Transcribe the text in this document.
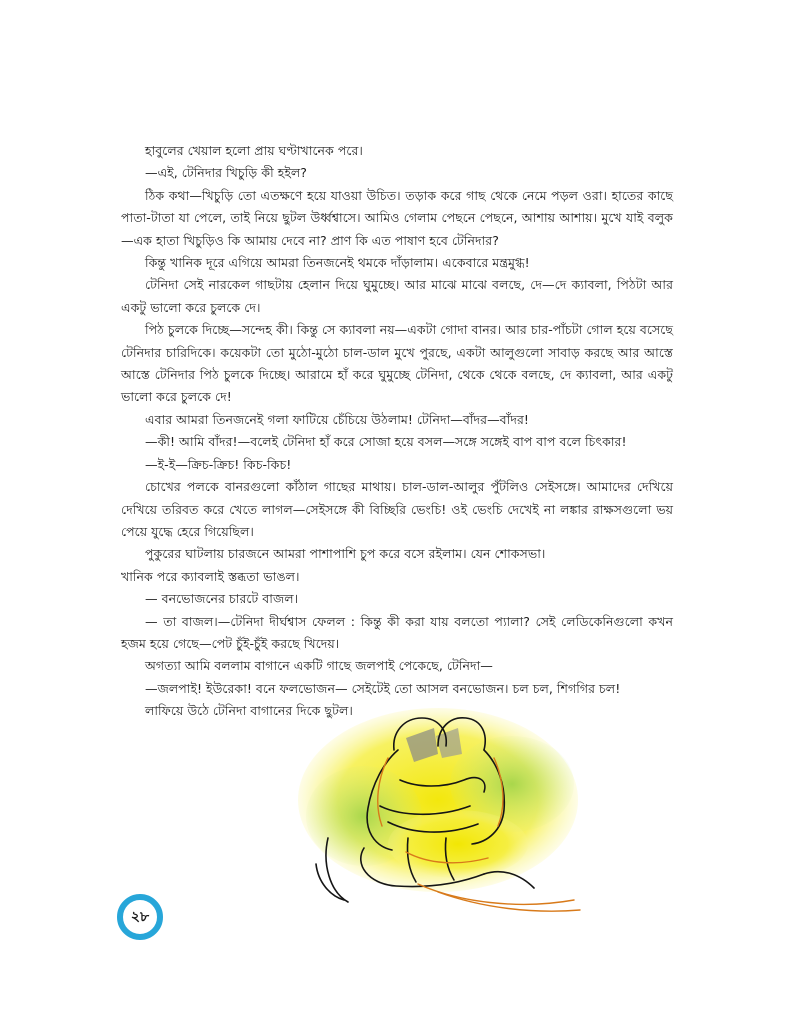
হাবুলের খেয়াল হলো প্রায় ঘণ্টাখানেক পরে।

—এই, টেনিদার খিচুড়ি কী হইল?

ঠিক কথা—খিচুড়ি তো এতক্ষণে হয়ে যাওয়া উচিত। তড়াক করে গাছ থেকে নেমে পড়ল ওরা। হাতের কাছে পাতা-টাতা যা পেলে, তাই নিয়ে ছুটল উর্ধ্বশ্বাসে। আমিও গেলাম পেছনে পেছনে, আশায় আশায়। মুখে যাই বলুক—এক হাতা খিচুড়িও কি আমায় দেবে না? প্রাণ কি এত পাষাণ হবে টেনিদার?

কিন্তু খানিক দূরে এগিয়ে আমরা তিনজনেই থমকে দাঁড়ালাম। একেবারে মন্ত্রমুগ্ধ!

টেনিদা সেই নারকেল গাছটায় হেলান দিয়ে ঘুমুচ্ছে। আর মাঝে মাঝে বলছে, দে—দে ক্যাবলা, পিঠটা আর একটু ভালো করে চুলকে দে।

পিঠ চুলকে দিচ্ছে—সন্দেহ কী। কিন্তু সে ক্যাবলা নয়—একটা গোদা বানর। আর চার-পাঁচটা গোল হয়ে বসেছে টেনিদার চারিদিকে। কয়েকটা তো মুঠো-মুঠো চাল-ডাল মুখে পুরছে, একটা আলুগুলো সাবাড় করছে আর আস্তে আস্তে টেনিদার পিঠ চুলকে দিচ্ছে। আরামে হাঁ করে ঘুমুচ্ছে টেনিদা, থেকে থেকে বলছে, দে ক্যাবলা, আর একটু ভালো করে চুলকে দে!

এবার আমরা তিনজনেই গলা ফাটিয়ে চেঁচিয়ে উঠলাম! টেনিদা—বাঁদর—বাঁদর!

—কী! আমি বাঁদর!—বলেই টেনিদা হাঁ করে সোজা হয়ে বসল—সঙ্গে সঙ্গেই বাপ বাপ বলে চিৎকার!

—ই-ই—ক্রিচ-ক্রিচ! কিচ-কিচ!

চোখের পলকে বানরগুলো কাঁঠাল গাছের মাথায়। চাল-ডাল-আলুর পুঁটলিও সেইসঙ্গে। আমাদের দেখিয়ে দেখিয়ে তরিবত করে খেতে লাগল—সেইসঙ্গে কী বিচ্ছিরি ভেংচি! ওই ভেংচি দেখেই না লঙ্কার রাক্ষসগুলো ভয় পেয়ে যুদ্ধে হেরে গিয়েছিল।

পুকুরের ঘাটলায় চারজনে আমরা পাশাপাশি চুপ করে বসে রইলাম। যেন শোকসভা।

খানিক পরে ক্যাবলাই স্তব্ধতা ভাঙল।

— বনভোজনের চারটে বাজল।

— তা বাজল।—টেনিদা দীর্ঘশ্বাস ফেলল : কিন্তু কী করা যায় বলতো প্যালা? সেই লেডিকেনিগুলো কখন হজম হয়ে গেছে—পেট চুঁই-চুঁই করছে খিদেয়।

অগত্যা আমি বললাম বাগানে একটি গাছে জলপাই পেকেছে, টেনিদা—

—জলপাই! ইউরেকা! বনে ফলভোজন— সেইটেই তো আসল বনভোজন। চল চল, শিগগির চল!

লাফিয়ে উঠে টেনিদা বাগানের দিকে ছুটল।

২৮
